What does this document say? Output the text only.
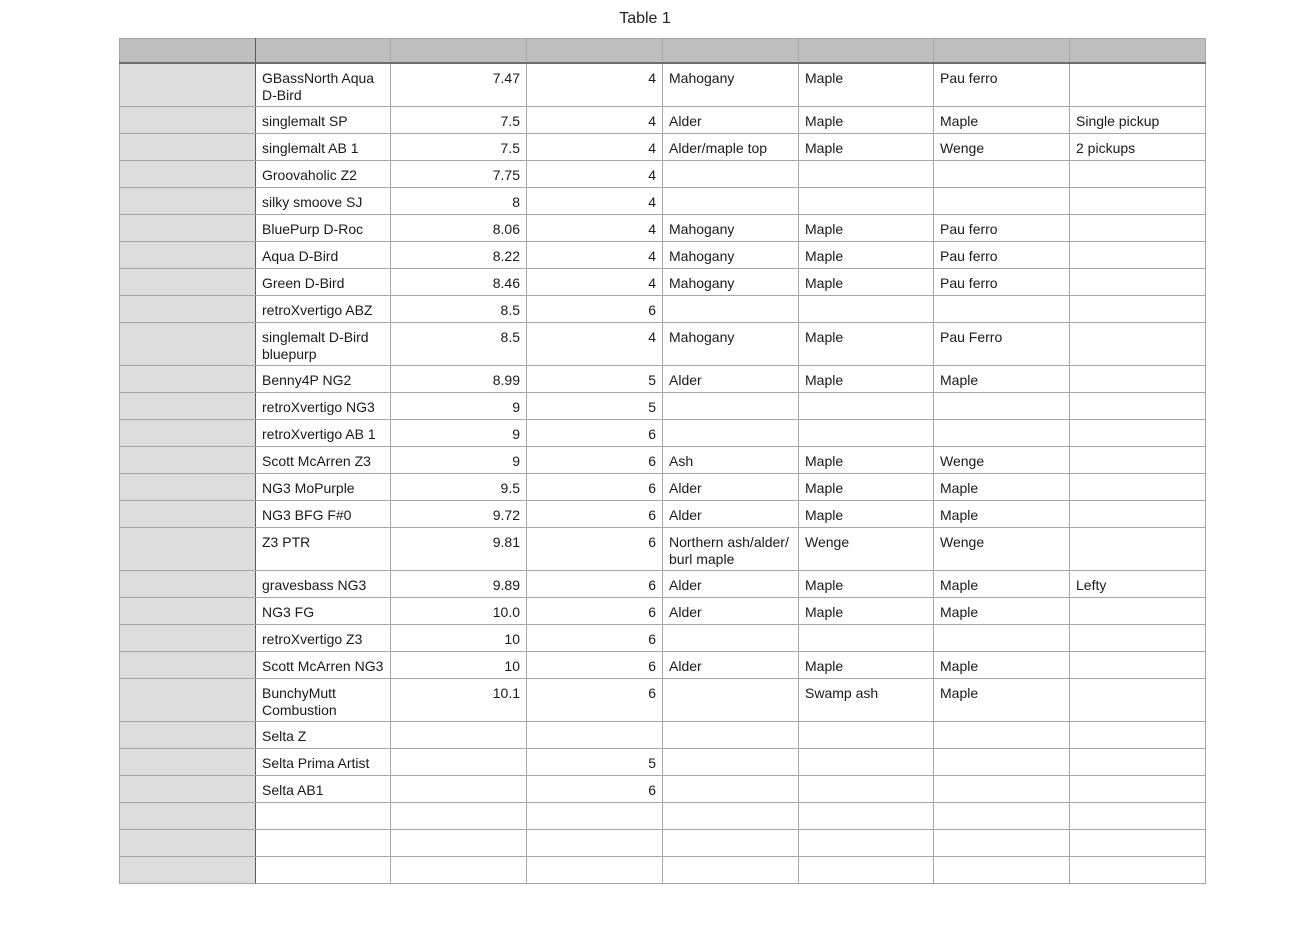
Table 1

	GBassNorth Aqua D-Bird	7.47	4	Mahogany	Maple	Pau ferro	
	singlemalt SP	7.5	4	Alder	Maple	Maple	Single pickup
	singlemalt AB 1	7.5	4	Alder/maple top	Maple	Wenge	2 pickups
	Groovaholic Z2	7.75	4				
	silky smoove SJ	8	4				
	BluePurp D-Roc	8.06	4	Mahogany	Maple	Pau ferro	
	Aqua D-Bird	8.22	4	Mahogany	Maple	Pau ferro	
	Green D-Bird	8.46	4	Mahogany	Maple	Pau ferro	
	retroXvertigo ABZ	8.5	6				
	singlemalt D-Bird bluepurp	8.5	4	Mahogany	Maple	Pau Ferro	
	Benny4P NG2	8.99	5	Alder	Maple	Maple	
	retroXvertigo NG3	9	5				
	retroXvertigo AB 1	9	6				
	Scott McArren Z3	9	6	Ash	Maple	Wenge	
	NG3 MoPurple	9.5	6	Alder	Maple	Maple	
	NG3 BFG F#0	9.72	6	Alder	Maple	Maple	
	Z3 PTR	9.81	6	Northern ash/alder/ burl maple	Wenge	Wenge	
	gravesbass NG3	9.89	6	Alder	Maple	Maple	Lefty
	NG3 FG	10.0	6	Alder	Maple	Maple	
	retroXvertigo Z3	10	6				
	Scott McArren NG3	10	6	Alder	Maple	Maple	
	BunchyMutt Combustion	10.1	6		Swamp ash	Maple	
	Selta Z						
	Selta Prima Artist		5				
	Selta AB1		6				
